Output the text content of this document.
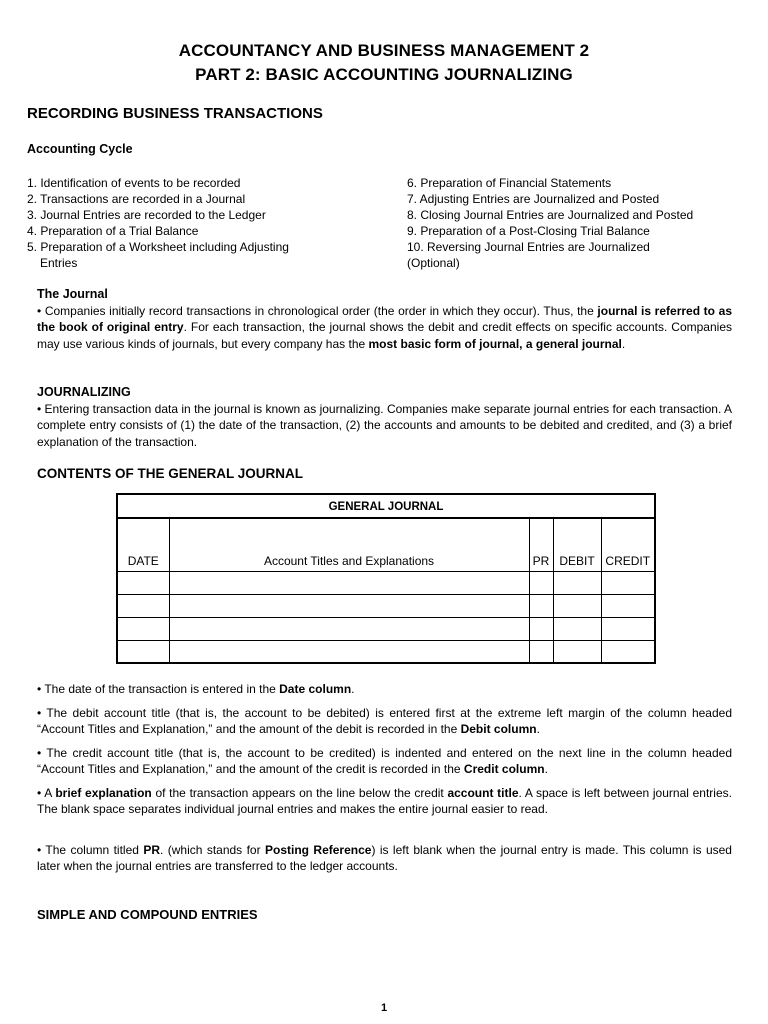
ACCOUNTANCY AND BUSINESS MANAGEMENT 2
PART 2: BASIC ACCOUNTING JOURNALIZING
RECORDING BUSINESS TRANSACTIONS
Accounting Cycle
1. Identification of events to be recorded
2. Transactions are recorded in a Journal
3. Journal Entries are recorded to the Ledger
4. Preparation of a Trial Balance
5. Preparation of a Worksheet including Adjusting
Entries
6. Preparation of Financial Statements
7. Adjusting Entries are Journalized and Posted
8. Closing Journal Entries are Journalized and Posted
9. Preparation of a Post-Closing Trial Balance
10. Reversing Journal Entries are Journalized
(Optional)
The Journal

• Companies initially record transactions in chronological order (the order in which they occur). Thus, the journal is referred to as the book of original entry. For each transaction, the journal shows the debit and credit effects on specific accounts. Companies may use various kinds of journals, but every company has the most basic form of journal, a general journal.

JOURNALIZING

• Entering transaction data in the journal is known as journalizing. Companies make separate journal entries for each transaction. A complete entry consists of (1) the date of the transaction, (2) the accounts and amounts to be debited and credited, and (3) a brief explanation of the transaction.

CONTENTS OF THE GENERAL JOURNAL
GENERAL JOURNAL
DATE	Account Titles and Explanations	PR	DEBIT	CREDIT

• The date of the transaction is entered in the Date column.

• The debit account title (that is, the account to be debited) is entered first at the extreme left margin of the column headed “Account Titles and Explanation,” and the amount of the debit is recorded in the Debit column.

• The credit account title (that is, the account to be credited) is indented and entered on the next line in the column headed “Account Titles and Explanation,” and the amount of the credit is recorded in the Credit column.

• A brief explanation of the transaction appears on the line below the credit account title. A space is left between journal entries. The blank space separates individual journal entries and makes the entire journal easier to read.

• The column titled PR. (which stands for Posting Reference) is left blank when the journal entry is made. This column is used later when the journal entries are transferred to the ledger accounts.

SIMPLE AND COMPOUND ENTRIES
1
